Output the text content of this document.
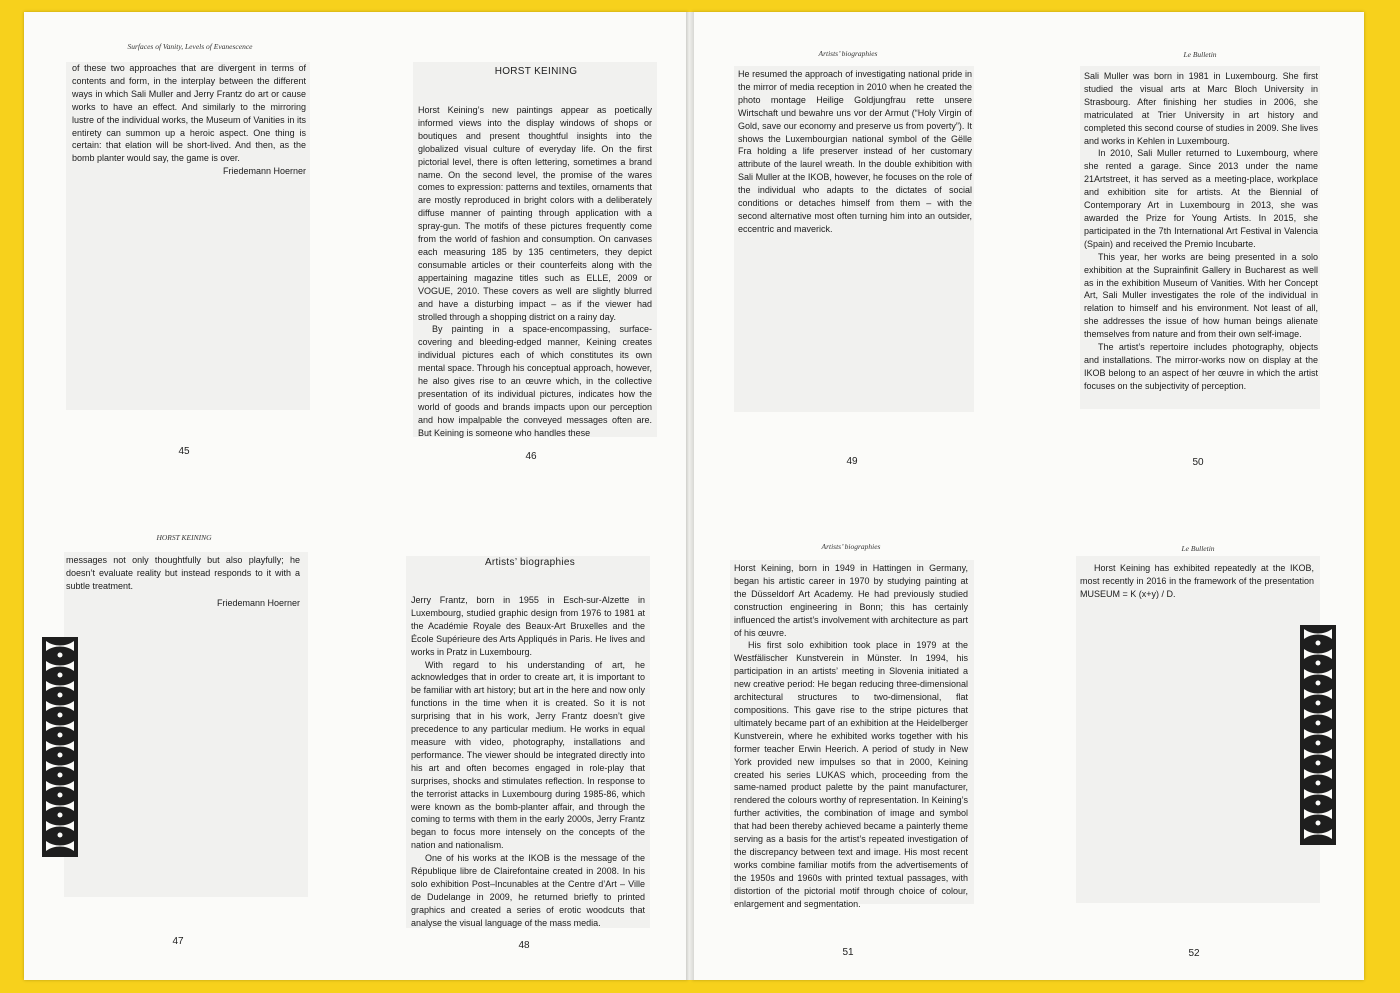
Surfaces of Vanity, Levels of Evanescence

of these two approaches that are divergent in terms of contents and form, in the interplay between the different ways in which Sali Muller and Jerry Frantz do art or cause works to have an effect. And similarly to the mirroring lustre of the individual works, the Museum of Vanities in its entirety can summon up a heroic aspect. One thing is certain: that elation will be short-lived. And then, as the bomb planter would say, the game is over.

Friedemann Hoerner

45
HORST KEINING

Horst Keining’s new paintings appear as poetically informed views into the display windows of shops or boutiques and present thoughtful insights into the globalized visual culture of everyday life. On the first pictorial level, there is often lettering, sometimes a brand name. On the second level, the promise of the wares comes to expression: patterns and textiles, ornaments that are mostly reproduced in bright colors with a deliberately diffuse manner of painting through application with a spray-gun. The motifs of these pictures frequently come from the world of fashion and consumption. On canvases each measuring 185 by 135 centimeters, they depict consumable articles or their counterfeits along with the appertaining magazine titles such as ELLE, 2009 or VOGUE, 2010. These covers as well are slightly blurred and have a disturbing impact – as if the viewer had strolled through a shopping district on a rainy day.

By painting in a space-encompassing, surface-covering and bleeding-edged manner, Keining creates individual pictures each of which constitutes its own mental space. Through his conceptual approach, however, he also gives rise to an œuvre which, in the collective presentation of its individual pictures, indicates how the world of goods and brands impacts upon our perception and how impalpable the conveyed messages often are. But Keining is someone who handles these

46
HORST KEINING

messages not only thoughtfully but also playfully; he doesn’t evaluate reality but instead responds to it with a subtle treatment.

Friedemann Hoerner

47
Artists’ biographies

Jerry Frantz, born in 1955 in Esch-sur-Alzette in Luxembourg, studied graphic design from 1976 to 1981 at the Académie Royale des Beaux-Art Bruxelles and the École Supérieure des Arts Appliqués in Paris. He lives and works in Pratz in Luxembourg.

With regard to his understanding of art, he acknowledges that in order to create art, it is important to be familiar with art history; but art in the here and now only functions in the time when it is created. So it is not surprising that in his work, Jerry Frantz doesn’t give precedence to any particular medium. He works in equal measure with video, photography, installations and performance. The viewer should be integrated directly into his art and often becomes engaged in role-play that surprises, shocks and stimulates reflection. In response to the terrorist attacks in Luxembourg during 1985-86, which were known as the bomb-planter affair, and through the coming to terms with them in the early 2000s, Jerry Frantz began to focus more intensely on the concepts of the nation and nationalism.

One of his works at the IKOB is the message of the République libre de Clairefontaine created in 2008. In his solo exhibition Post–Incunables at the Centre d’Art – Ville de Dudelange in 2009, he returned briefly to printed graphics and created a series of erotic woodcuts that analyse the visual language of the mass media.

48
Artists’ biographies

He resumed the approach of investigating national pride in the mirror of media reception in 2010 when he created the photo montage Heilige Goldjungfrau rette unsere Wirtschaft und bewahre uns vor der Armut (“Holy Virgin of Gold, save our economy and preserve us from poverty”). It shows the Luxembourgian national symbol of the Gëlle Fra holding a life preserver instead of her customary attribute of the laurel wreath. In the double exhibition with Sali Muller at the IKOB, however, he focuses on the role of the individual who adapts to the dictates of social conditions or detaches himself from them – with the second alternative most often turning him into an outsider, eccentric and maverick.

49
Le Bulletin

Sali Muller was born in 1981 in Luxembourg. She first studied the visual arts at Marc Bloch University in Strasbourg. After finishing her studies in 2006, she matriculated at Trier University in art history and completed this second course of studies in 2009. She lives and works in Kehlen in Luxembourg.

In 2010, Sali Muller returned to Luxembourg, where she rented a garage. Since 2013 under the name 21Artstreet, it has served as a meeting-place, workplace and exhibition site for artists. At the Biennial of Contemporary Art in Luxembourg in 2013, she was awarded the Prize for Young Artists. In 2015, she participated in the 7th International Art Festival in Valencia (Spain) and received the Premio Incubarte.

This year, her works are being presented in a solo exhibition at the Suprainfinit Gallery in Bucharest as well as in the exhibition Museum of Vanities. With her Concept Art, Sali Muller investigates the role of the individual in relation to himself and his environment. Not least of all, she addresses the issue of how human beings alienate themselves from nature and from their own self-image.

The artist’s repertoire includes photography, objects and installations. The mirror-works now on display at the IKOB belong to an aspect of her œuvre in which the artist focuses on the subjectivity of perception.

50
Artists’ biographies

Horst Keining, born in 1949 in Hattingen in Germany, began his artistic career in 1970 by studying painting at the Düsseldorf Art Academy. He had previously studied construction engineering in Bonn; this has certainly influenced the artist’s involvement with architecture as part of his œuvre.

His first solo exhibition took place in 1979 at the Westfälischer Kunstverein in Münster. In 1994, his participation in an artists’ meeting in Slovenia initiated a new creative period: He began reducing three-dimensional architectural structures to two-dimensional, flat compositions. This gave rise to the stripe pictures that ultimately became part of an exhibition at the Heidelberger Kunstverein, where he exhibited works together with his former teacher Erwin Heerich. A period of study in New York provided new impulses so that in 2000, Keining created his series LUKAS which, proceeding from the same-named product palette by the paint manufacturer, rendered the colours worthy of representation. In Keining’s further activities, the combination of image and symbol that had been thereby achieved became a painterly theme serving as a basis for the artist’s repeated investigation of the discrepancy between text and image. His most recent works combine familiar motifs from the advertisements of the 1950s and 1960s with printed textual passages, with distortion of the pictorial motif through choice of colour, enlargement and segmentation.

51
Le Bulletin

Horst Keining has exhibited repeatedly at the IKOB, most recently in 2016 in the framework of the presentation MUSEUM = K (x+y) / D.

52
